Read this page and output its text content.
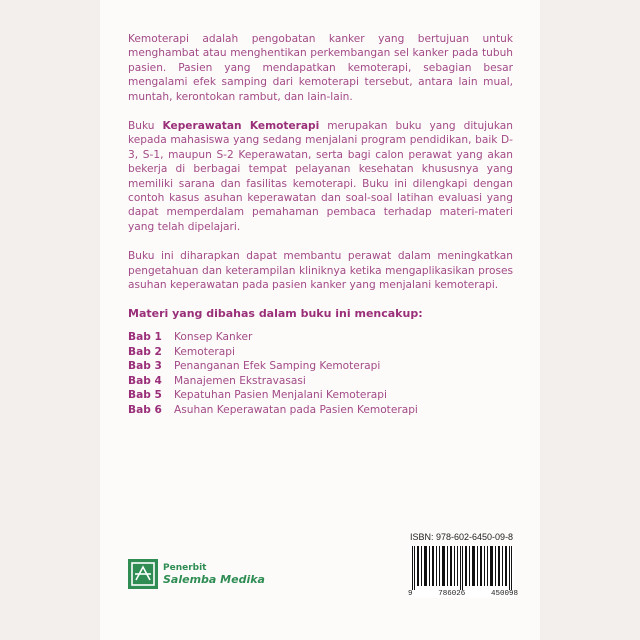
Kemoterapi adalah pengobatan kanker yang bertujuan untuk menghambat atau menghentikan perkembangan sel kanker pada tubuh pasien. Pasien yang mendapatkan kemoterapi, sebagian besar mengalami efek samping dari kemoterapi tersebut, antara lain mual, muntah, kerontokan rambut, dan lain-lain.

Buku Keperawatan Kemoterapi merupakan buku yang ditujukan kepada mahasiswa yang sedang menjalani program pendidikan, baik D-3, S-1, maupun S-2 Keperawatan, serta bagi calon perawat yang akan bekerja di berbagai tempat pelayanan kesehatan khususnya yang memiliki sarana dan fasilitas kemoterapi. Buku ini dilengkapi dengan contoh kasus asuhan keperawatan dan soal-soal latihan evaluasi yang dapat memperdalam pemahaman pembaca terhadap materi-materi yang telah dipelajari.

Buku ini diharapkan dapat membantu perawat dalam meningkatkan pengetahuan dan keterampilan kliniknya ketika mengaplikasikan proses asuhan keperawatan pada pasien kanker yang menjalani kemoterapi.

Materi yang dibahas dalam buku ini mencakup:
Bab 1	Konsep Kanker
Bab 2	Kemoterapi
Bab 3	Penanganan Efek Samping Kemoterapi
Bab 4	Manajemen Ekstravasasi
Bab 5	Kepatuhan Pasien Menjalani Kemoterapi
Bab 6	Asuhan Keperawatan pada Pasien Kemoterapi
Penerbit
Salemba Medika
ISBN: 978-602-6450-09-8
9	786026	450098
